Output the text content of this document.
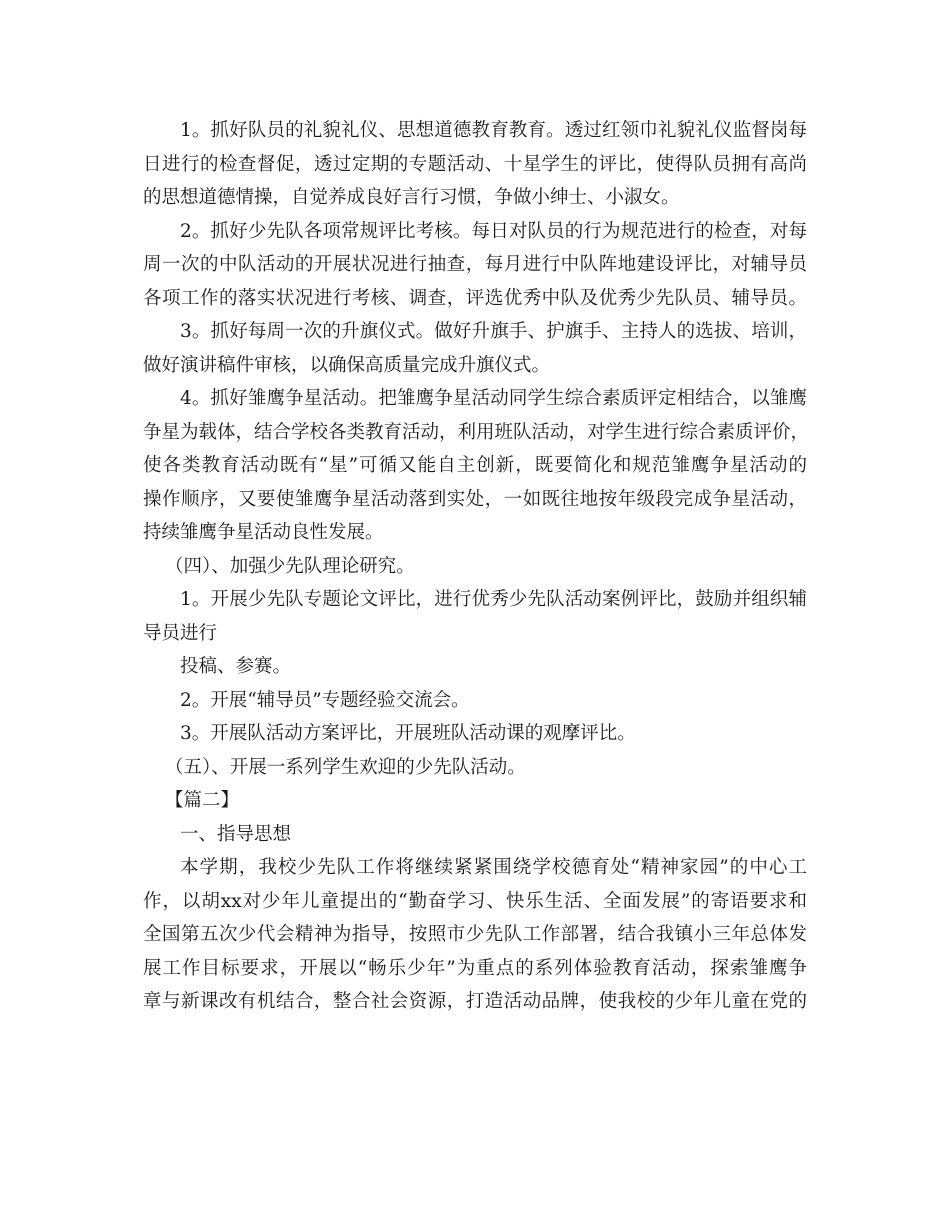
1。抓好队员的礼貌礼仪、思想道德教育教育。透过红领巾礼貌礼仪监督岗每
日进行的检查督促，透过定期的专题活动、十星学生的评比，使得队员拥有高尚
的思想道德情操，自觉养成良好言行习惯，争做小绅士、小淑女。
2。抓好少先队各项常规评比考核。每日对队员的行为规范进行的检查，对每
周一次的中队活动的开展状况进行抽查，每月进行中队阵地建设评比，对辅导员
各项工作的落实状况进行考核、调查，评选优秀中队及优秀少先队员、辅导员。
3。抓好每周一次的升旗仪式。做好升旗手、护旗手、主持人的选拔、培训，
做好演讲稿件审核，以确保高质量完成升旗仪式。
4。抓好雏鹰争星活动。把雏鹰争星活动同学生综合素质评定相结合，以雏鹰
争星为载体，结合学校各类教育活动，利用班队活动，对学生进行综合素质评价，
使各类教育活动既有“星”可循又能自主创新，既要简化和规范雏鹰争星活动的
操作顺序，又要使雏鹰争星活动落到实处，一如既往地按年级段完成争星活动，
持续雏鹰争星活动良性发展。
（四）、加强少先队理论研究。
1。开展少先队专题论文评比，进行优秀少先队活动案例评比，鼓励并组织辅
导员进行
投稿、参赛。
2。开展“辅导员”专题经验交流会。
3。开展队活动方案评比，开展班队活动课的观摩评比。
（五）、开展一系列学生欢迎的少先队活动。
【篇二】
一、指导思想
本学期，我校少先队工作将继续紧紧围绕学校德育处“精神家园”的中心工
作，以胡xx对少年儿童提出的“勤奋学习、快乐生活、全面发展”的寄语要求和
全国第五次少代会精神为指导，按照市少先队工作部署，结合我镇小三年总体发
展工作目标要求，开展以“畅乐少年”为重点的系列体验教育活动，探索雏鹰争
章与新课改有机结合，整合社会资源，打造活动品牌，使我校的少年儿童在党的
